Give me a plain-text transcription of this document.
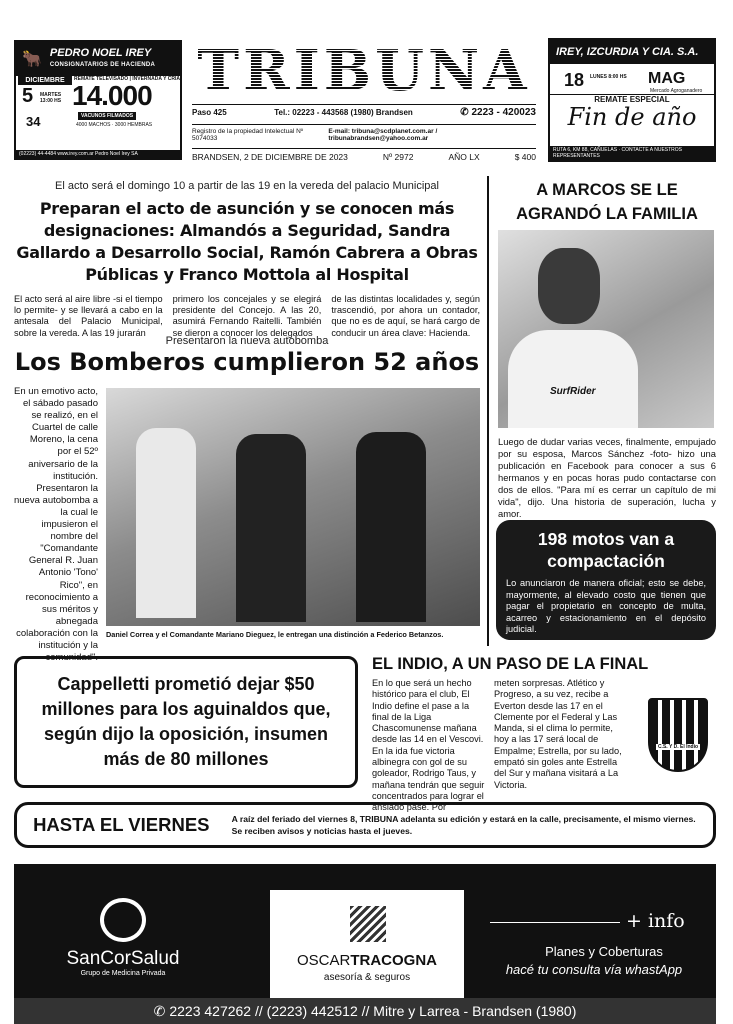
🐂 PEDRO NOEL IREY
CONSIGNATARIOS DE HACIENDA
DICIEMBRE
5	MARTES 13:00 HS
34
REMATE TELEVISADO | INVERNADA Y CRÍA
14.000
VACUNOS FILMADOS
4000 MACHOS · 3000 HEMBRAS
(02223) 44-4484 www.irey.com.ar Pedro Noel Irey SA
TRIBUNA
Paso 425	Tel.: 02223 - 443568 (1980) Brandsen	✆ 2223 - 420023
Registro de la propiedad Intelectual Nº 5074033
E-mail: tribuna@scdplanet.com.ar / tribunabrandsen@yahoo.com.ar
BRANDSEN, 2 DE DICIEMBRE DE 2023	Nº 2972	AÑO LX	$ 400
IREY, IZCURDIA Y CIA. S.A.
18 LUNES 8:00 HS MAG
Mercado Agroganadero
REMATE ESPECIAL
Fin de año
RUTA 6, KM 88, CAÑUELAS · CONTACTE A NUESTROS REPRESENTANTES
El acto será el domingo 10 a partir de las 19 en la vereda del palacio Municipal
Preparan el acto de asunción y se conocen más designaciones: Almandós a Seguridad, Sandra Gallardo a Desarrollo Social, Ramón Cabrera a Obras Públicas y Franco Mottola al Hospital
El acto será al aire libre -si el tiempo lo permite- y se llevará a cabo en la antesala del Palacio Municipal, sobre la vereda. A las 19 jurarán
primero los concejales y se elegirá presidente del Concejo. A las 20, asumirá Fernando Raitelli. También se dieron a conocer los delegados
de las distintas localidades y, según trascendió, por ahora un contador, que no es de aquí, se hará cargo de conducir un área clave: Hacienda.
Presentaron la nueva autobomba
Los Bomberos cumplieron 52 años
En un emotivo acto, el sábado pasado se realizó, en el Cuartel de calle Moreno, la cena por el 52º aniversario de la institución. Presentaron la nueva autobomba a la cual le impusieron el nombre del "Comandante General R. Juan Antonio 'Tono' Rico", en reconocimiento a sus méritos y abnegada colaboración con la institución y la comunidad".
Daniel Correa y el Comandante Mariano Dieguez, le entregan una distinción a Federico Betanzos.
A MARCOS SE LE AGRANDÓ LA FAMILIA
SurfRider
Luego de dudar varias veces, finalmente, empujado por su esposa, Marcos Sánchez -foto- hizo una publicación en Facebook para conocer a sus 6 hermanos y en pocas horas pudo contactarse con dos de ellos. "Para mí es cerrar un capítulo de mi vida", dijo. Una historia de superación, lucha y amor.
198 motos van a compactación
Lo anunciaron de manera oficial; esto se debe, mayormente, al elevado costo que tienen que pagar el propietario en concepto de multa, acarreo y estacionamiento en el depósito judicial.
Cappelletti prometió dejar $50 millones para los aguinaldos que, según dijo la oposición, insumen más de 80 millones
EL INDIO, A UN PASO DE LA FINAL
En lo que será un hecho histórico para el club, El Indio define el pase a la final de la Liga Chascomunense mañana desde las 14 en el Vescovi. En la ida fue victoria albinegra con gol de su goleador, Rodrigo Taus, y mañana tendrán que seguir concentrados para lograr el ansiado pase. Por
meten sorpresas. Atlético y Progreso, a su vez, recibe a Everton desde las 17 en el Clemente por el Federal y Las Manda, si el clima lo permite, hoy a las 17 será local de Empalme; Estrella, por su lado, empató sin goles ante Estrella del Sur y mañana visitará a La Victoria.
C.S. Y D. El Indio
HASTA EL VIERNES	A raíz del feriado del viernes 8, TRIBUNA adelanta su edición y estará en la calle, precisamente, el mismo viernes. Se reciben avisos y noticias hasta el jueves.
SanCorSalud
Grupo de Medicina Privada
OSCARTRACOGNA
asesoría & seguros
+ info
Planes y Coberturas
hacé tu consulta vía whastApp
✆ 2223 427262 // (2223) 442512 // Mitre y Larrea - Brandsen (1980)
